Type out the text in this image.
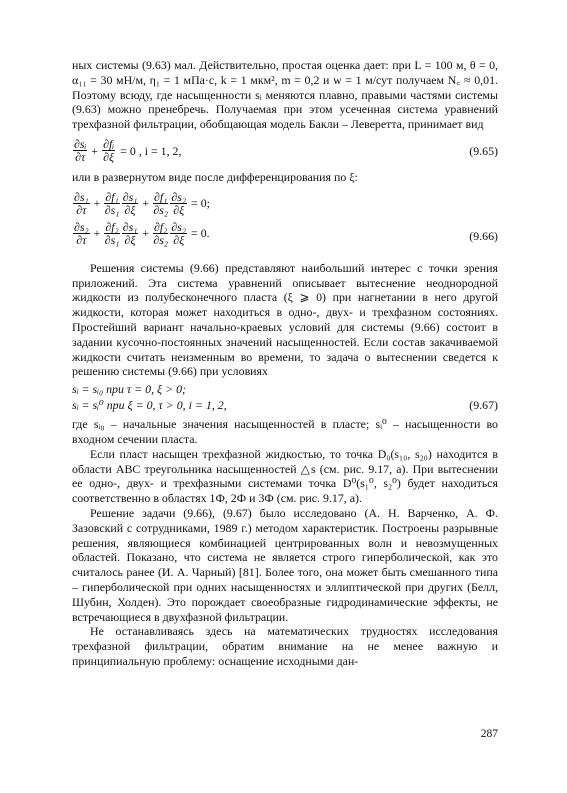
ных системы (9.63) мал. Действительно, простая оценка дает: при L = 100 м, θ = 0, α₁₁ = 30 мН/м, η₁ = 1 мПа·с, k = 1 мкм², m = 0,2 и w = 1 м/сут получаем N꜀ ≈ 0,01. Поэтому всюду, где насыщенности sᵢ меняются плавно, правыми частями системы (9.63) можно пренебречь. Получаемая при этом усеченная система уравнений трехфазной фильтрации, обобщающая модель Бакли – Леверетта, принимает вид

$\frac{\text{∂sᵢ}}{\partial\tau} + \frac{\text{∂fᵢ}}{\partial\xi} = 0$ , i = 1, 2,	(9.65)

или в развернутом виде после дифференцирования по ξ:

$\frac{\text{∂s₁}}{\partial\tau} + \frac{\text{∂f₁}}{\text{∂s₁}} \frac{\text{∂s₁}}{\partial\xi} + \frac{\text{∂f₁}}{\text{∂s₂}} \frac{\text{∂s₂}}{\partial\xi} = 0$;
$\frac{\text{∂s₂}}{\partial\tau} + \frac{\text{∂f₂}}{\text{∂s₁}} \frac{\text{∂s₁}}{\partial\xi} + \frac{\text{∂f₂}}{\text{∂s₂}} \frac{\text{∂s₂}}{\partial\xi} = 0$.	(9.66)

Решения системы (9.66) представляют наибольший интерес с точки зрения приложений. Эта система уравнений описывает вытеснение неоднородной жидкости из полубесконечного пласта (ξ ⩾ 0) при нагнетании в него другой жидкости, которая может находиться в одно-, двух- и трехфазном состояниях. Простейший вариант начально-краевых условий для системы (9.66) состоит в задании кусочно-постоянных значений насыщенностей. Если состав закачиваемой жидкости считать неизменным во времени, то задача о вытеснении сведется к решению системы (9.66) при условиях

sᵢ = sᵢ₀ при τ = 0, ξ > 0;
sᵢ = sᵢ⁰ при ξ = 0, τ > 0, i = 1, 2,	(9.67)

где sᵢ₀ – начальные значения насыщенностей в пласте; sᵢ⁰ – насыщенности во входном сечении пласта.

Если пласт насыщен трехфазной жидкостью, то точка D₀(s₁₀, s₂₀) находится в области ABC треугольника насыщенностей △s (см. рис. 9.17, а). При вытеснении ее одно-, двух- и трехфазными системами точка D⁰(s₁⁰, s₂⁰) будет находиться соответственно в областях 1Ф, 2Ф и 3Ф (см. рис. 9.17, а).

Решение задачи (9.66), (9.67) было исследовано (А. Н. Варченко, А. Ф. Зазовский с сотрудниками, 1989 г.) методом характеристик. Построены разрывные решения, являющиеся комбинацией центрированных волн и невозмущенных областей. Показано, что система не является строго гиперболической, как это считалось ранее (И. А. Чарный) [81]. Более того, она может быть смешанного типа – гиперболической при одних насыщенностях и эллиптической при других (Белл, Шубин, Холден). Это порождает своеобразные гидродинамические эффекты, не встречающиеся в двухфазной фильтрации.

Не останавливаясь здесь на математических трудностях исследования трехфазной фильтрации, обратим внимание на не менее важную и принципиальную проблему: оснащение исходными дан-

287
